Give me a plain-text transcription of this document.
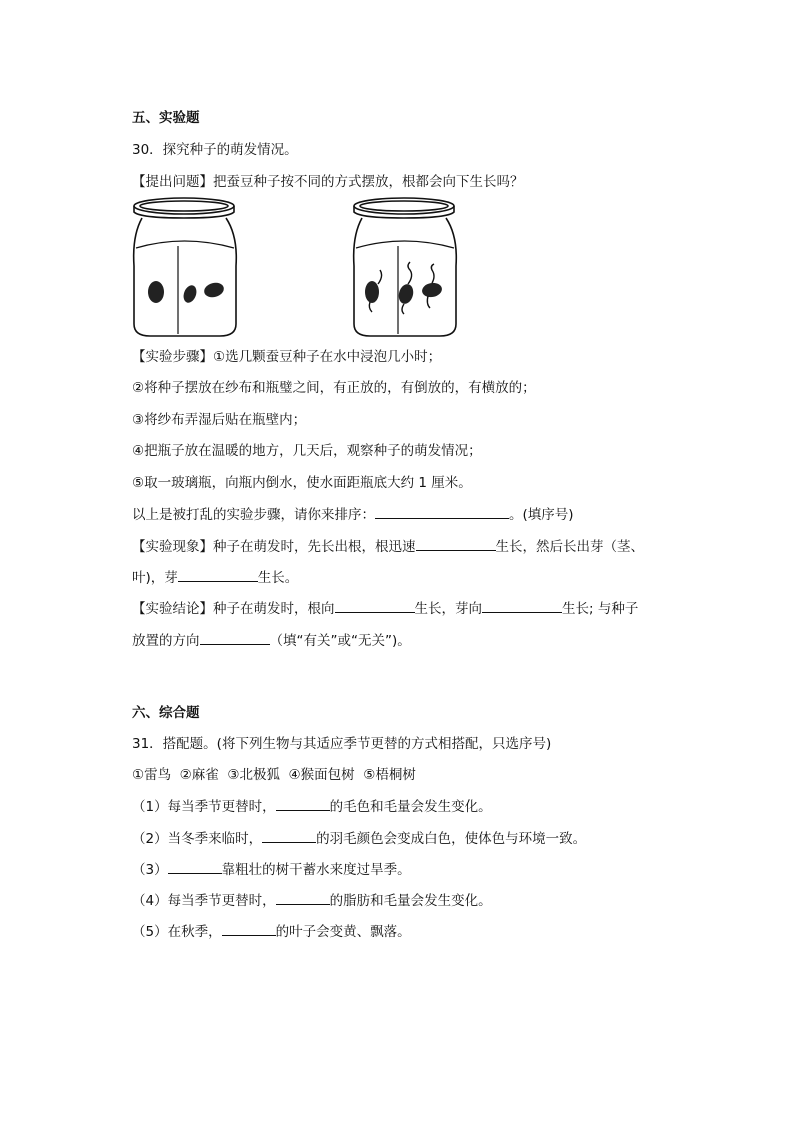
五、实验题
30．探究种子的萌发情况。
【提出问题】把蚕豆种子按不同的方式摆放，根都会向下生长吗？
【实验步骤】①选几颗蚕豆种子在水中浸泡几小时；
②将种子摆放在纱布和瓶璧之间，有正放的，有倒放的，有横放的；
③将纱布弄湿后贴在瓶壁内；
④把瓶子放在温暖的地方，几天后，观察种子的萌发情况；
⑤取一玻璃瓶，向瓶内倒水，使水面距瓶底大约 1 厘米。
以上是被打乱的实验步骤，请你来排序：	。(填序号)
【实验现象】种子在萌发时，先长出根，根迅速	生长，然后长出芽（茎、
叶)，芽	生长。
【实验结论】种子在萌发时，根向	生长，芽向	生长; 与种子
放置的方向	（填“有关”或“无关”)。
六、综合题
31．搭配题。(将下列生物与其适应季节更替的方式相搭配，只选序号)
①雷鸟  ②麻雀  ③北极狐  ④猴面包树  ⑤梧桐树
（1）每当季节更替时，	的毛色和毛量会发生变化。
（2）当冬季来临时，	的羽毛颜色会变成白色，使体色与环境一致。
（3）	靠粗壮的树干蓄水来度过旱季。
（4）每当季节更替时，	的脂肪和毛量会发生变化。
（5）在秋季，	的叶子会变黄、飘落。
